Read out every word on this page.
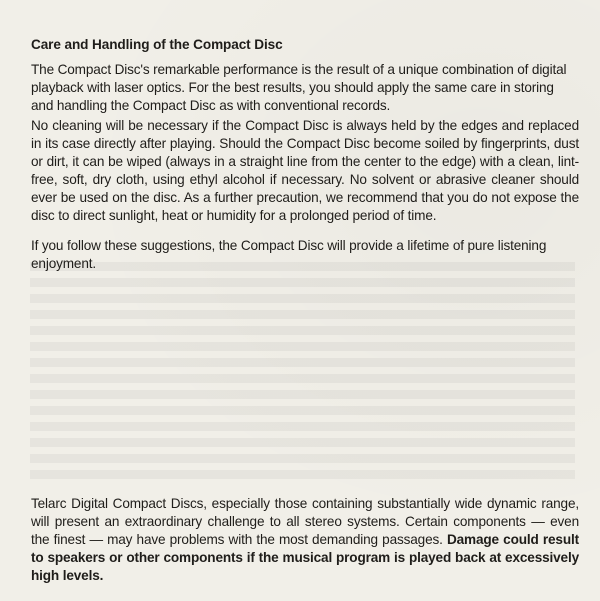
Care and Handling of the Compact Disc

The Compact Disc's remarkable performance is the result of a unique combination of digital playback with laser optics. For the best results, you should apply the same care in storing and handling the Compact Disc as with conventional records.

No cleaning will be necessary if the Compact Disc is always held by the edges and replaced in its case directly after playing. Should the Compact Disc become soiled by fingerprints, dust or dirt, it can be wiped (always in a straight line from the center to the edge) with a clean, lint-free, soft, dry cloth, using ethyl alcohol if necessary. No solvent or abrasive cleaner should ever be used on the disc. As a further precaution, we recommend that you do not expose the disc to direct sunlight, heat or humidity for a prolonged period of time.

If you follow these suggestions, the Compact Disc will provide a lifetime of pure listening enjoyment.

Telarc Digital Compact Discs, especially those containing substantially wide dynamic range, will present an extraordinary challenge to all stereo systems. Certain components — even the finest — may have problems with the most demanding passages. Damage could result to speakers or other components if the musical program is played back at excessively high levels.
